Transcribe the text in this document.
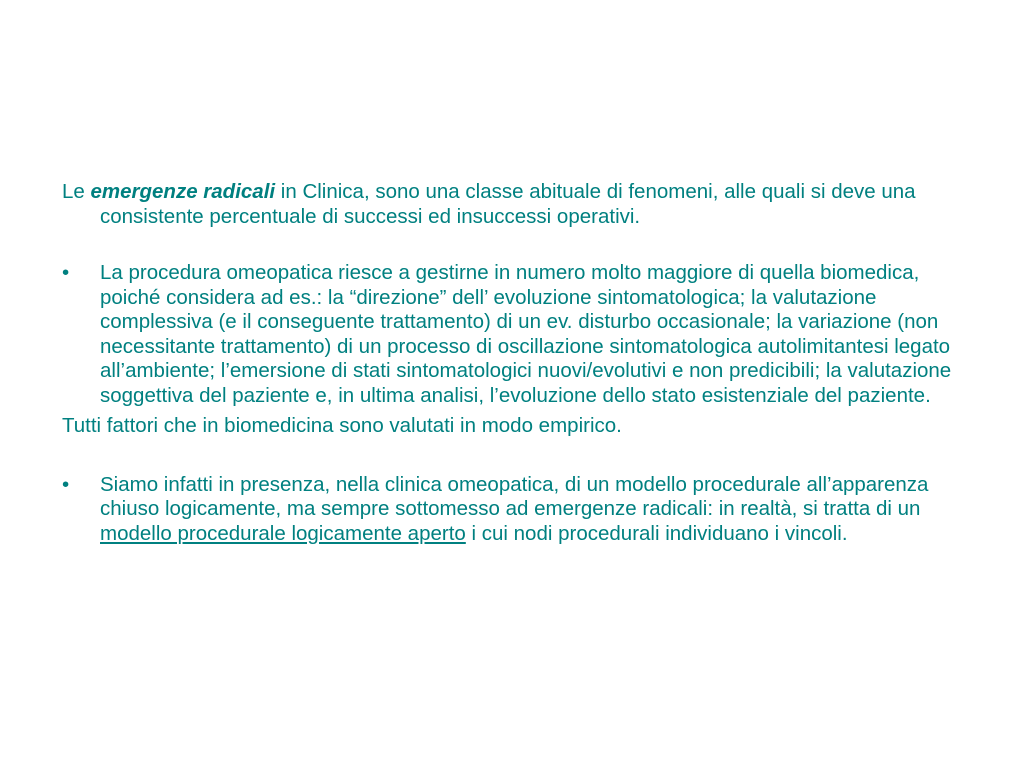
Le emergenze radicali in Clinica, sono una classe abituale di fenomeni, alle quali si deve una consistente percentuale di successi ed insuccessi operativi.

•	La procedura omeopatica riesce a gestirne in numero molto maggiore di quella biomedica, poiché considera ad es.: la “direzione” dell’ evoluzione sintomatologica; la valutazione complessiva (e il conseguente trattamento) di un ev. disturbo occasionale; la variazione (non necessitante trattamento) di un processo di oscillazione sintomatologica autolimitantesi legato all’ambiente; l’emersione di stati sintomatologici nuovi/evolutivi e non predicibili; la valutazione soggettiva del paziente e, in ultima analisi, l’evoluzione dello stato esistenziale del paziente.

Tutti fattori che in biomedicina sono valutati in modo empirico.

•	Siamo infatti in presenza, nella clinica omeopatica, di un modello procedurale all’apparenza chiuso logicamente, ma sempre sottomesso ad emergenze radicali: in realtà, si tratta di un modello procedurale logicamente aperto i cui nodi procedurali individuano i vincoli.
